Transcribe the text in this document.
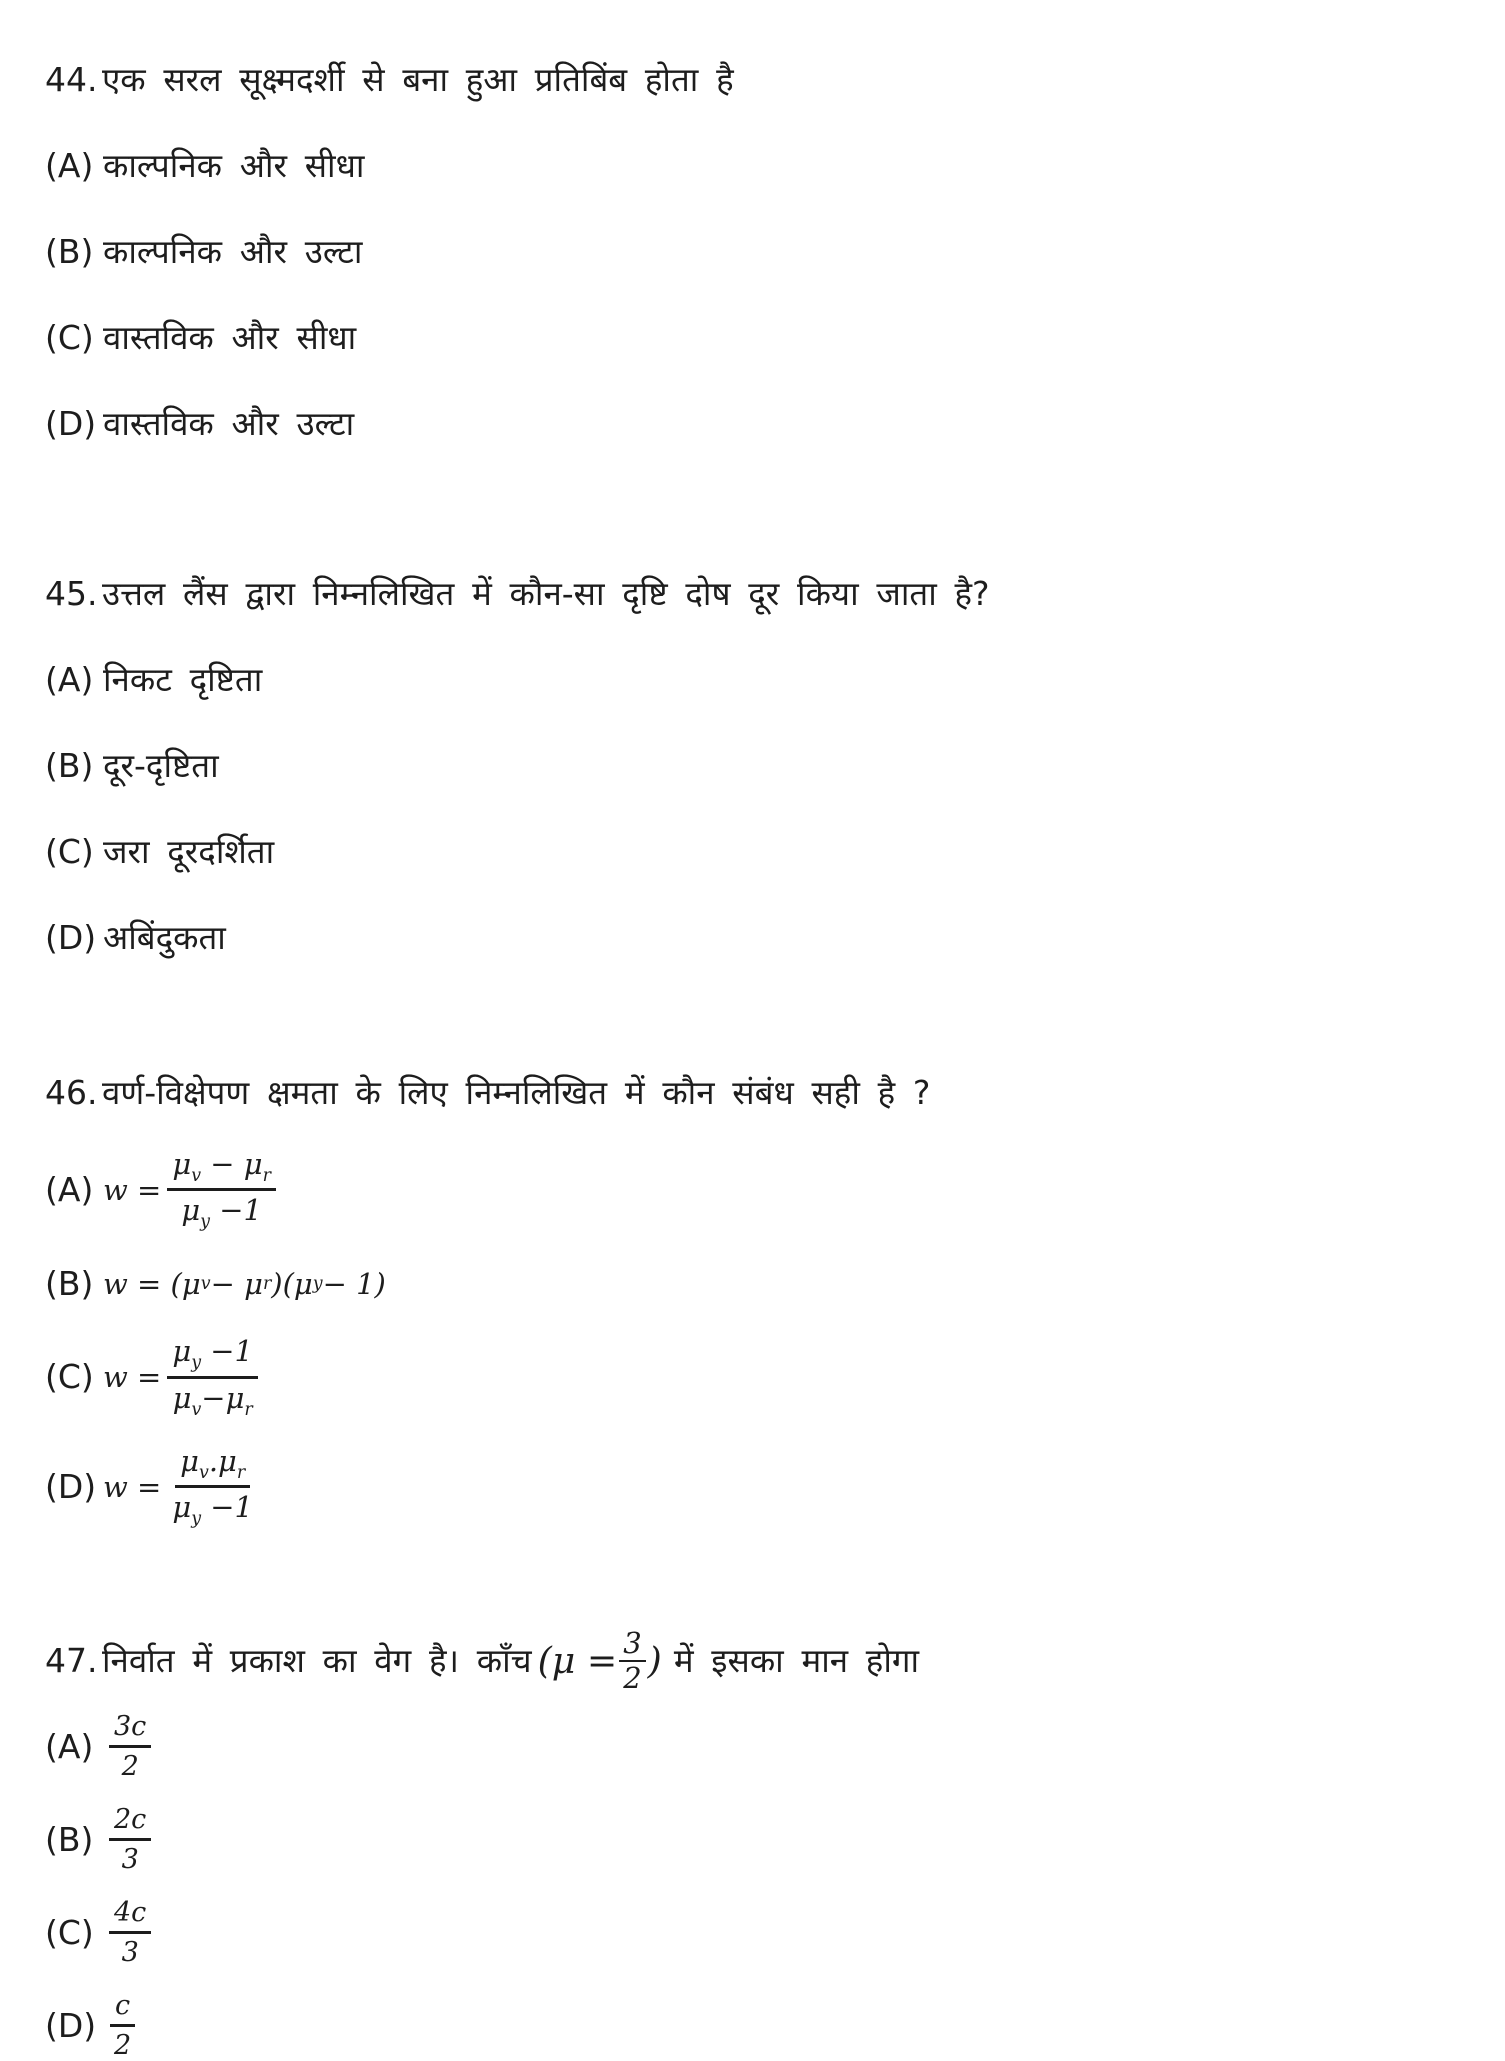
44. एक सरल सूक्ष्मदर्शी से बना हुआ प्रतिबिंब होता है
(A) काल्पनिक और सीधा
(B) काल्पनिक और उल्टा
(C) वास्तविक और सीधा
(D) वास्तविक और उल्टा
45. उत्तल लैंस द्वारा निम्नलिखित में कौन-सा दृष्टि दोष दूर किया जाता है?
(A) निकट दृष्टिता
(B) दूर-दृष्टिता
(C) जरा दूरदर्शिता
(D) अबिंदुकता
46. वर्ण-विक्षेपण क्षमता के लिए निम्नलिखित में कौन संबंध सही है ?
(A) $w = \frac{\mu_v - \mu_r}{\mu_y -1}$
(B) w = (μ v − μ r )(μ y − 1)
(C) $w = \frac{\mu_y -1}{\mu_v-\mu_r}$
(D) $w = \frac{\mu_v.\mu_r}{\mu_y -1}$
47. निर्वात में प्रकाश का वेग है। काँच ($\mu = \frac{3}{2}$ ) में इसका मान होगा
$(A) \frac{3c}{2}$
$(B) \frac{2c}{3}$
$(C) \frac{4c}{3}$
$(D) \frac{c}{2}$
